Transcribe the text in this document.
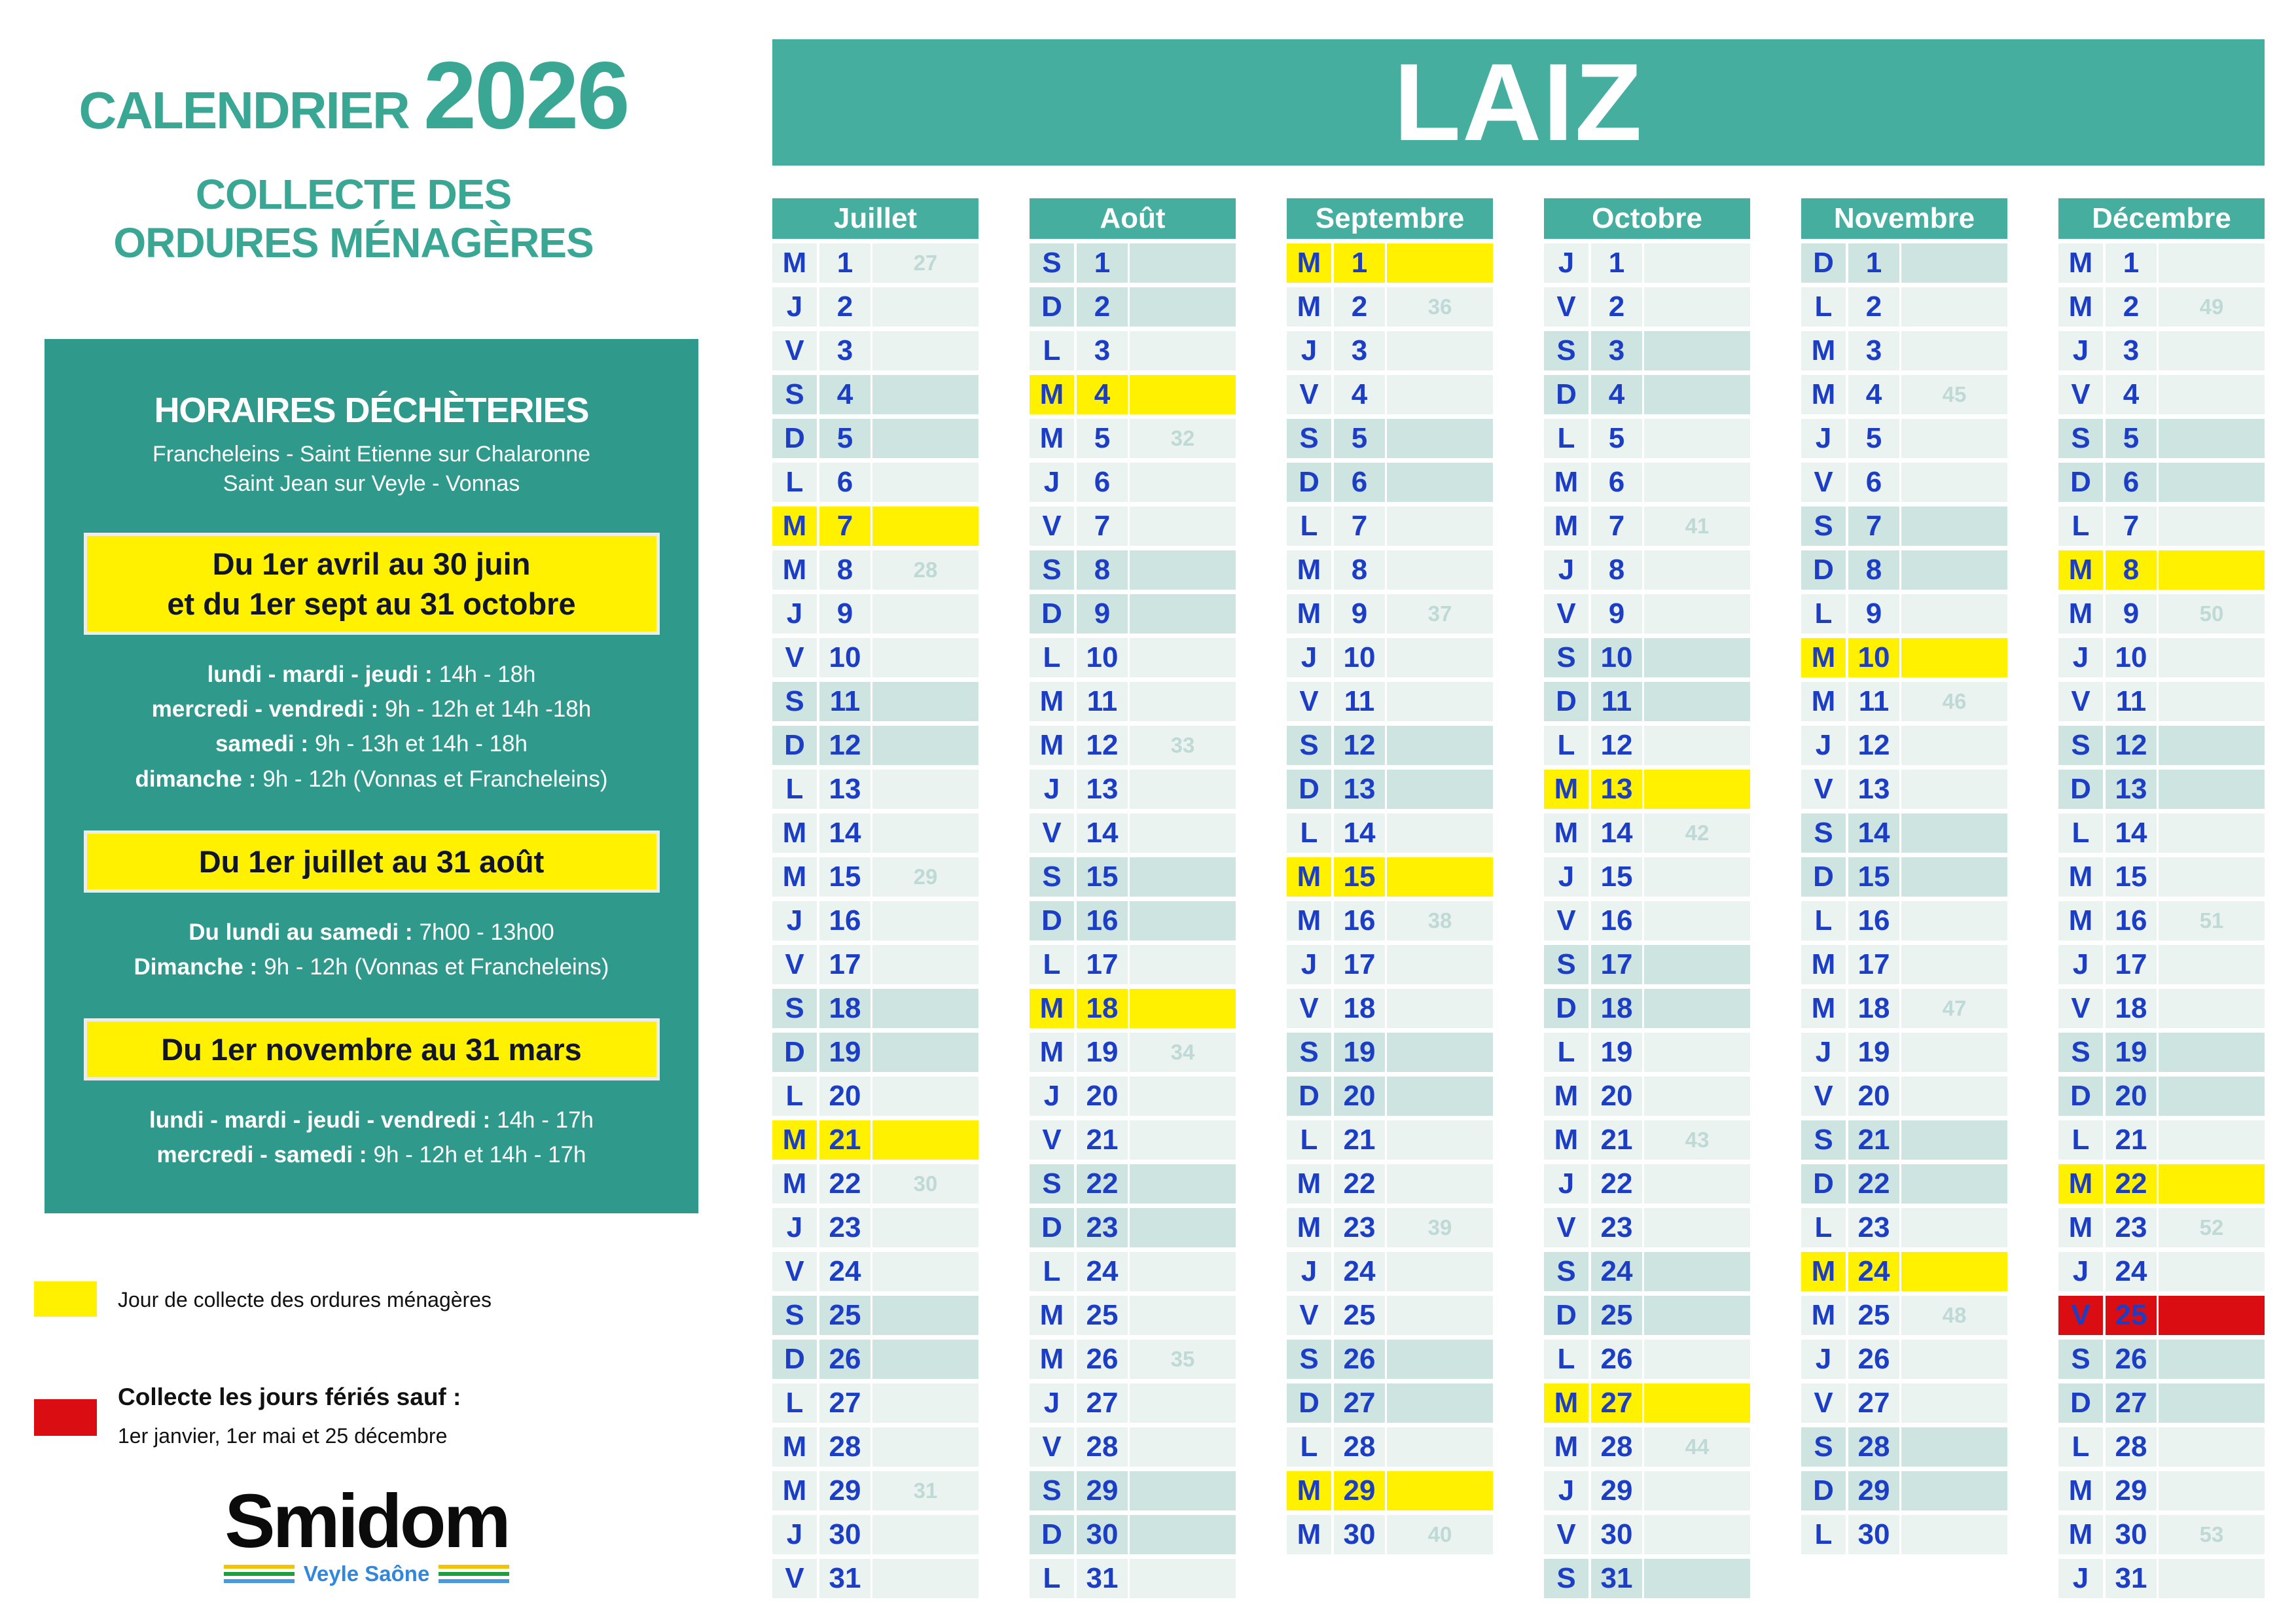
CALENDRIER 2026
COLLECTE DES
ORDURES MÉNAGÈRES
HORAIRES DÉCHÈTERIES
Francheleins - Saint Etienne sur Chalaronne
Saint Jean sur Veyle - Vonnas
Du 1er avril au 30 juin
et du 1er sept au 31 octobre
lundi - mardi - jeudi : 14h - 18h
mercredi - vendredi : 9h - 12h et 14h -18h
samedi : 9h - 13h et 14h - 18h
dimanche : 9h - 12h (Vonnas et Francheleins)
Du 1er juillet au 31 août
Du lundi au samedi : 7h00 - 13h00
Dimanche : 9h - 12h (Vonnas et Francheleins)
Du 1er novembre au 31 mars
lundi - mardi - jeudi - vendredi : 14h - 17h
mercredi - samedi : 9h - 12h et 14h - 17h
Jour de collecte des ordures ménagères
Collecte les jours fériés sauf :
1er janvier, 1er mai et 25 décembre
Smidom
Veyle Saône
LAIZ
Juillet
M	1	27
J	2
V	3
S	4
D	5
L	6
M	7
M	8	28
J	9
V 10
S 11
D 12
L 13
M 14
M 15	29
J 16
V 17
S 18
D 19
L 20
M 21
M 22	30
J 23
V 24
S 25
D 26
L 27
M 28
M 29	31
J 30
V 31
Août
S	1
D	2
L	3
M	4
M	5	32
J	6
V	7
S	8
D	9
L 10
M 11
M 12	33
J 13
V 14
S 15
D 16
L 17
M 18
M 19	34
J 20
V 21
S 22
D 23
L 24
M 25
M 26	35
J 27
V 28
S 29
D 30
L 31
Septembre
M	1
M	2	36
J	3
V	4
S	5
D	6
L	7
M	8
M	9	37
J 10
V 11
S 12
D 13
L 14
M 15
M 16	38
J 17
V 18
S 19
D 20
L 21
M 22
M 23	39
J 24
V 25
S 26
D 27
L 28
M 29
M 30	40
Octobre
J	1
V	2
S	3
D	4
L	5
M	6
M	7	41
J	8
V	9
S 10
D 11
L 12
M 13
M 14	42
J 15
V 16
S 17
D 18
L 19
M 20
M 21	43
J 22
V 23
S 24
D 25
L 26
M 27
M 28	44
J 29
V 30
S 31
Novembre
D	1
L	2
M	3
M	4	45
J	5
V	6
S	7
D	8
L	9
M 10
M 11	46
J 12
V 13
S 14
D 15
L 16
M 17
M 18	47
J 19
V 20
S 21
D 22
L 23
M 24
M 25	48
J 26
V 27
S 28
D 29
L 30
Décembre
M	1
M	2	49
J	3
V	4
S	5
D	6
L	7
M	8
M	9	50
J 10
V 11
S 12
D 13
L 14
M 15
M 16	51
J 17
V 18
S 19
D 20
L 21
M 22
M 23	52
J 24
V 25
S 26
D 27
L 28
M 29
M 30	53
J 31
